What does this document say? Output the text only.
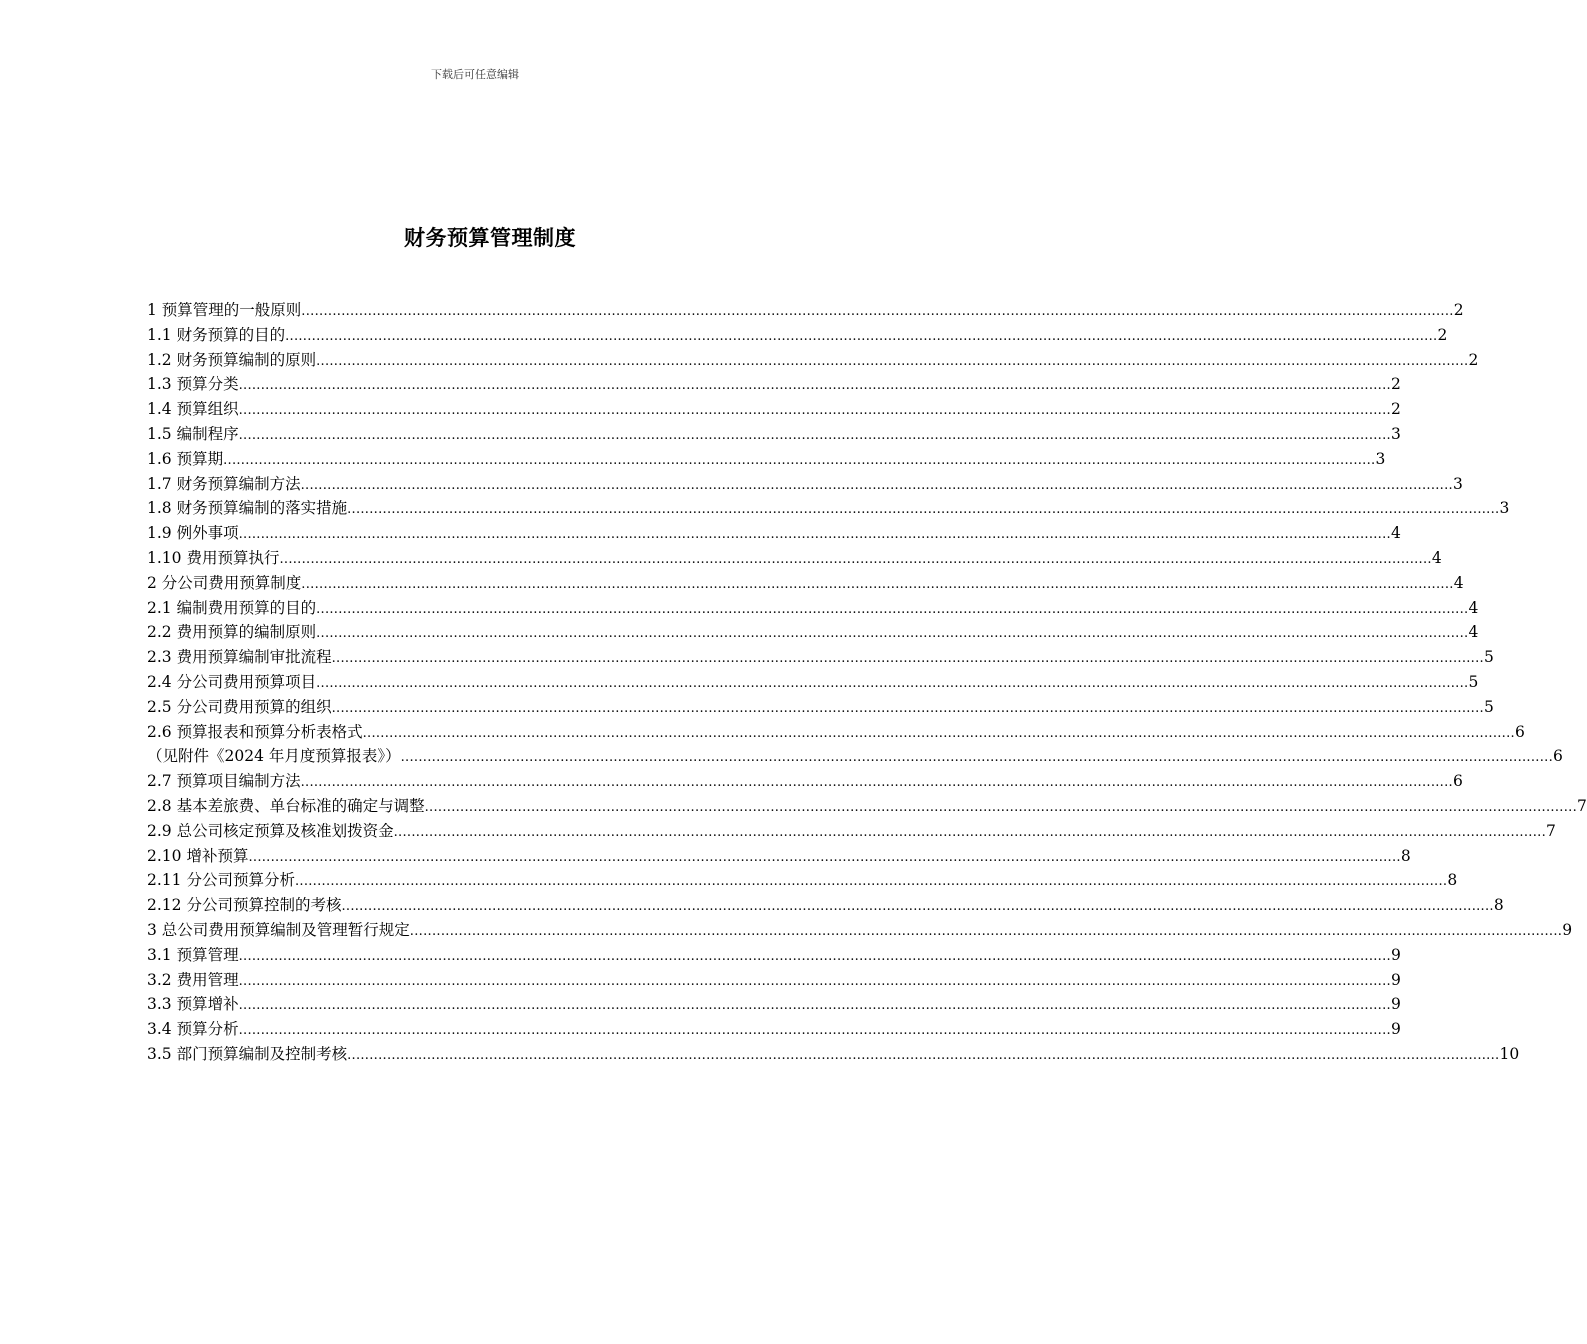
下载后可任意编辑
财务预算管理制度
1 预算管理的一般原则 .................................................................................................................................................................................................................................................................... 2
1.1 财务预算的目的 .................................................................................................................................................................................................................................................................... 2
1.2 财务预算编制的原则 .................................................................................................................................................................................................................................................................... 2
1.3 预算分类 .................................................................................................................................................................................................................................................................... 2
1.4 预算组织 .................................................................................................................................................................................................................................................................... 2
1.5 编制程序 .................................................................................................................................................................................................................................................................... 3
1.6 预算期 .................................................................................................................................................................................................................................................................... 3
1.7 财务预算编制方法 .................................................................................................................................................................................................................................................................... 3
1.8 财务预算编制的落实措施 .................................................................................................................................................................................................................................................................... 3
1.9 例外事项 .................................................................................................................................................................................................................................................................... 4
1.10 费用预算执行 .................................................................................................................................................................................................................................................................... 4
2 分公司费用预算制度 .................................................................................................................................................................................................................................................................... 4
2.1 编制费用预算的目的 .................................................................................................................................................................................................................................................................... 4
2.2 费用预算的编制原则 .................................................................................................................................................................................................................................................................... 4
2.3 费用预算编制审批流程 .................................................................................................................................................................................................................................................................... 5
2.4 分公司费用预算项目 .................................................................................................................................................................................................................................................................... 5
2.5 分公司费用预算的组织 .................................................................................................................................................................................................................................................................... 5
2.6 预算报表和预算分析表格式 .................................................................................................................................................................................................................................................................... 6
（见附件《2024 年月度预算报表》） .................................................................................................................................................................................................................................................................... 6
2.7 预算项目编制方法 .................................................................................................................................................................................................................................................................... 6
2.8 基本差旅费、单台标准的确定与调整 .................................................................................................................................................................................................................................................................... 7
2.9 总公司核定预算及核准划拨资金 .................................................................................................................................................................................................................................................................... 7
2.10 增补预算 .................................................................................................................................................................................................................................................................... 8
2.11 分公司预算分析 .................................................................................................................................................................................................................................................................... 8
2.12 分公司预算控制的考核 .................................................................................................................................................................................................................................................................... 8
3 总公司费用预算编制及管理暂行规定 .................................................................................................................................................................................................................................................................... 9
3.1 预算管理 .................................................................................................................................................................................................................................................................... 9
3.2 费用管理 .................................................................................................................................................................................................................................................................... 9
3.3 预算增补 .................................................................................................................................................................................................................................................................... 9
3.4 预算分析 .................................................................................................................................................................................................................................................................... 9
3.5 部门预算编制及控制考核 .................................................................................................................................................................................................................................................................... 10
